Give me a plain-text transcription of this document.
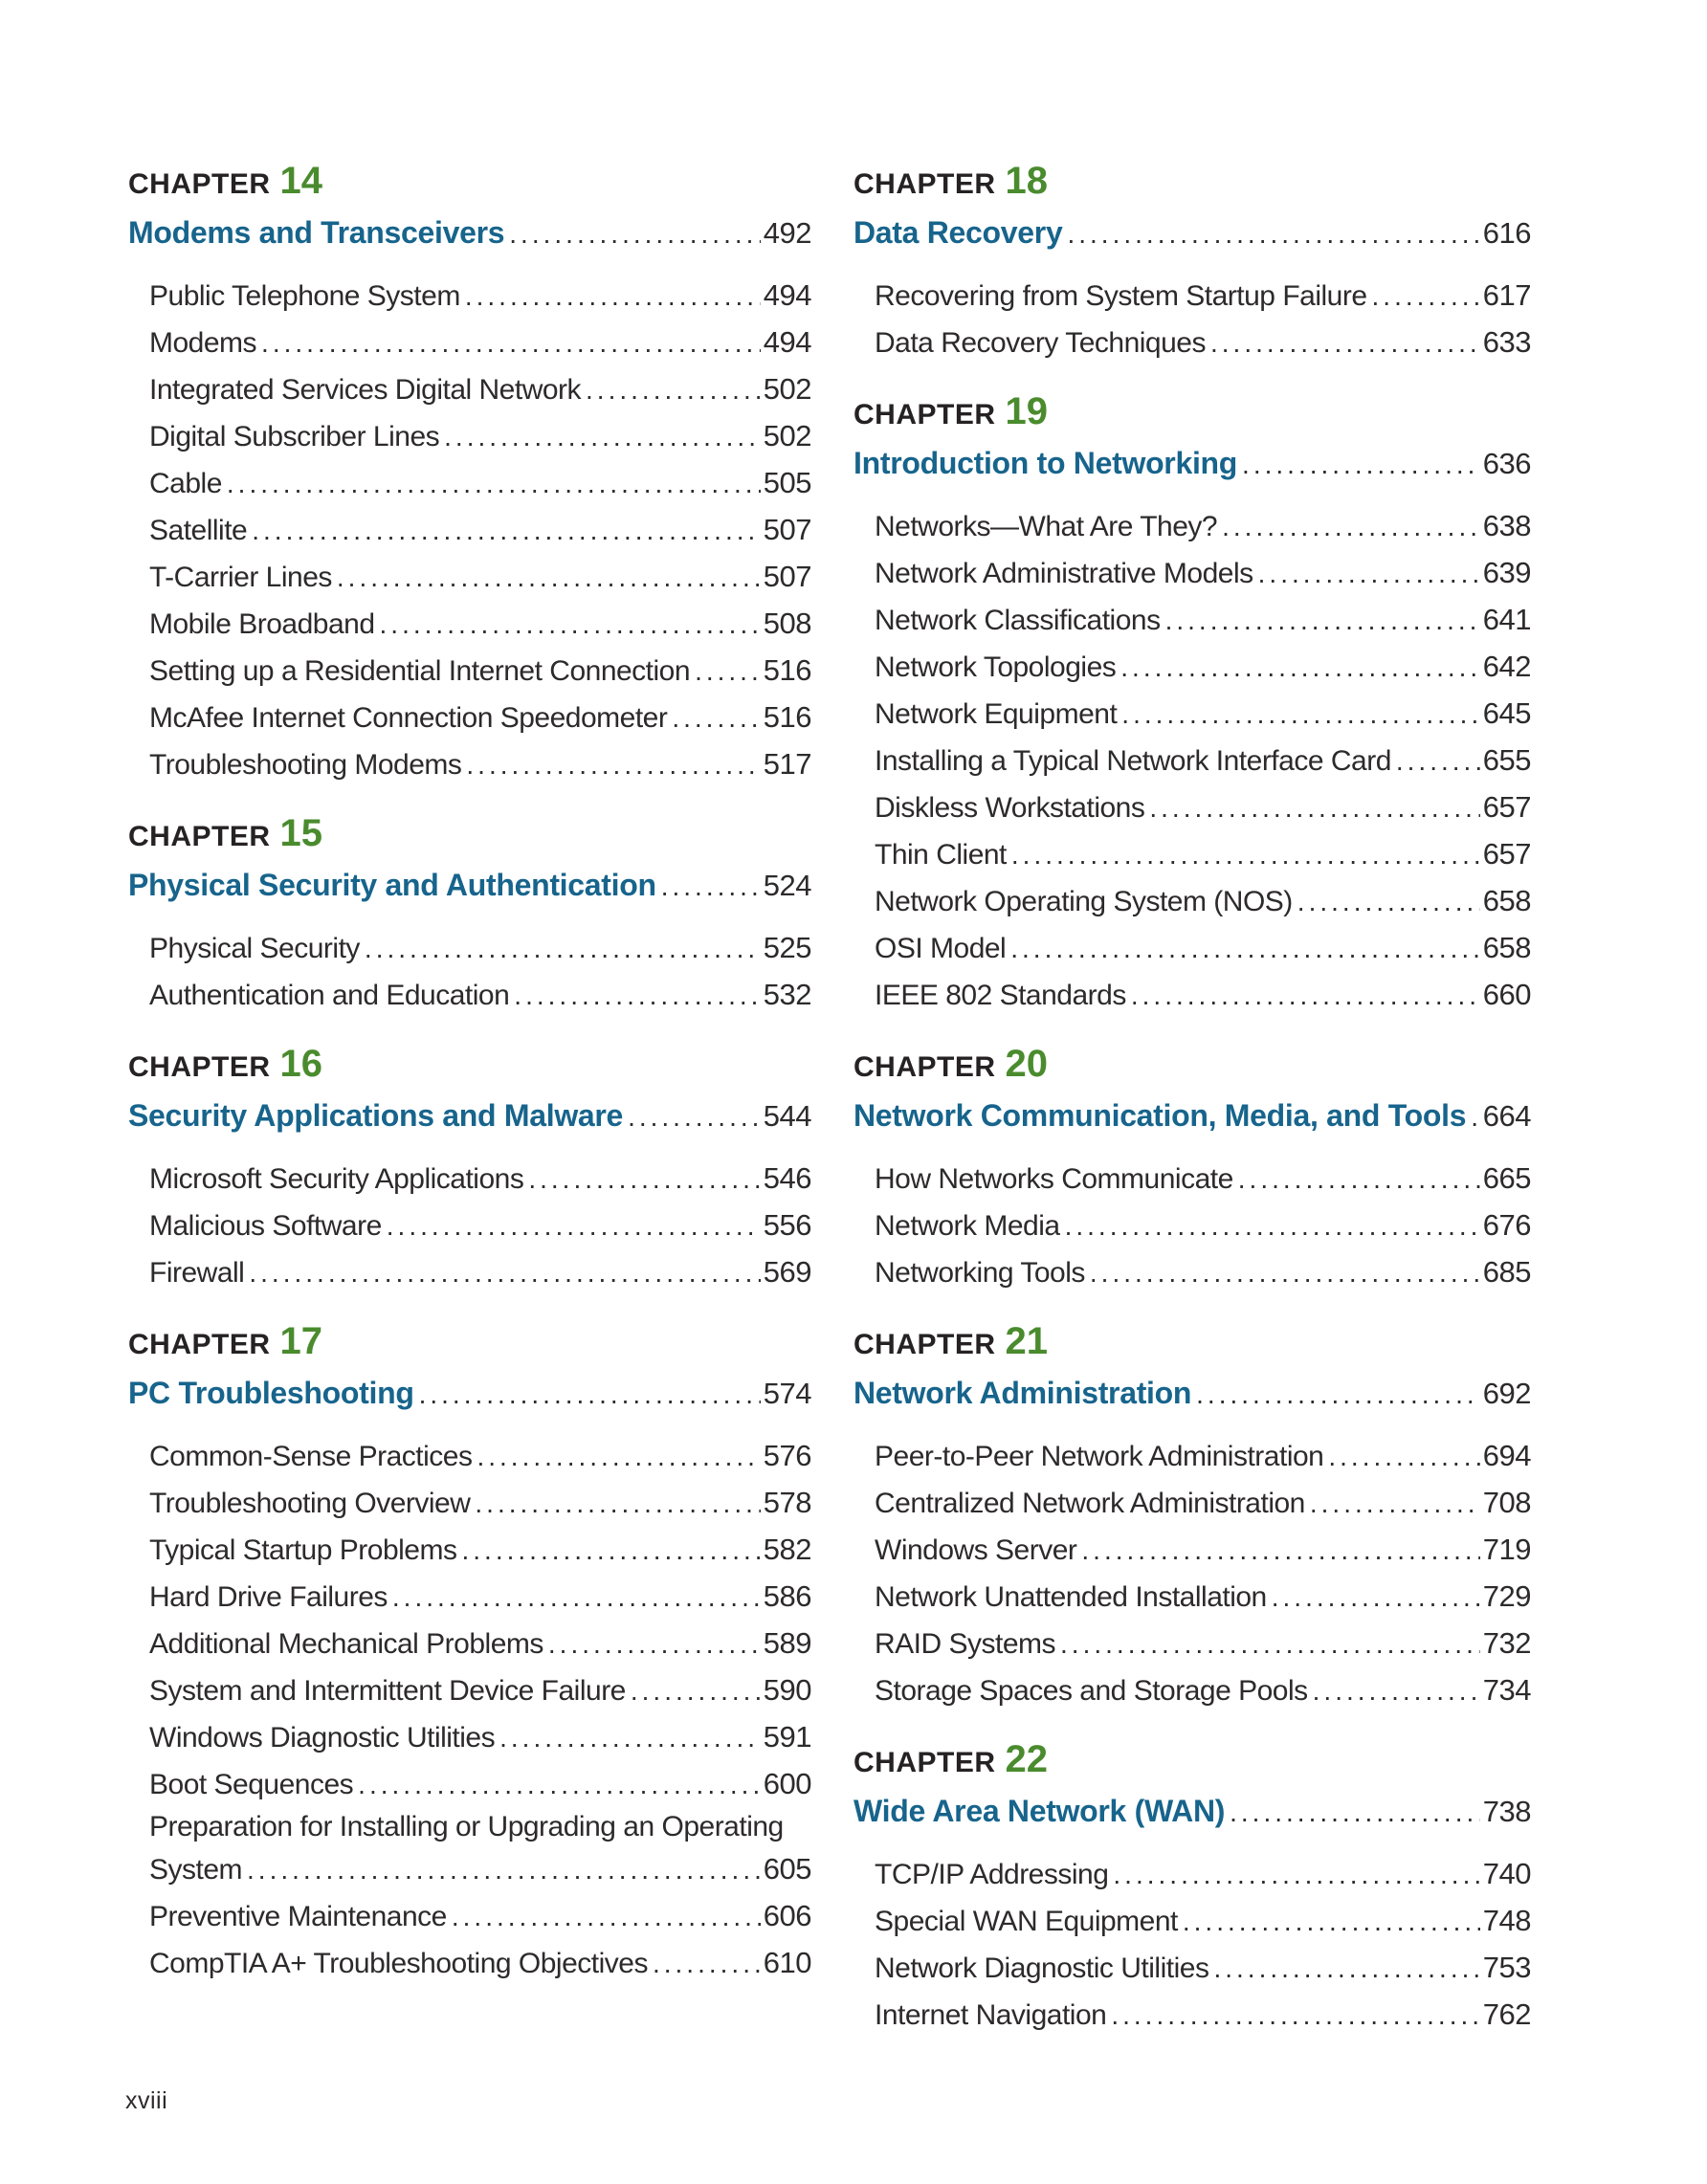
CHAPTER 14
Modems and Transceivers .....	492
Public Telephone System .....	494
Modems .....	494
Integrated Services Digital Network .....	502
Digital Subscriber Lines .....	502
Cable .....	505
Satellite .....	507
T-Carrier Lines .....	507
Mobile Broadband .....	508
Setting up a Residential Internet Connection ..... 516
McAfee Internet Connection Speedometer .....	516
Troubleshooting Modems .....	517
CHAPTER 15
Physical Security and Authentication .....	524
Physical Security .....	525
Authentication and Education .....	532
CHAPTER 16
Security Applications and Malware .....	544
Microsoft Security Applications .....	546
Malicious Software .....	556
Firewall .....	569
CHAPTER 17
PC Troubleshooting .....	574
Common-Sense Practices .....	576
Troubleshooting Overview .....	578
Typical Startup Problems .....	582
Hard Drive Failures .....	586
Additional Mechanical Problems .....	589
System and Intermittent Device Failure .....	590
Windows Diagnostic Utilities .....	591
Boot Sequences .....	600
Preparation for Installing or Upgrading an Operating
System .....	605
Preventive Maintenance .....	606
CompTIA A+ Troubleshooting Objectives .....	610
CHAPTER 18
Data Recovery .....	616
Recovering from System Startup Failure .....	617
Data Recovery Techniques .....	633
CHAPTER 19
Introduction to Networking .....	636
Networks—What Are They? .....	638
Network Administrative Models .....	639
Network Classifications .....	641
Network Topologies .....	642
Network Equipment .....	645
Installing a Typical Network Interface Card .....	655
Diskless Workstations .....	657
Thin Client .....	657
Network Operating System (NOS) .....	658
OSI Model .....	658
IEEE 802 Standards .....	660
CHAPTER 20
Network Communication, Media, and Tools ..... 664
How Networks Communicate .....	665
Network Media .....	676
Networking Tools .....	685
CHAPTER 21
Network Administration .....	692
Peer-to-Peer Network Administration .....	694
Centralized Network Administration .....	708
Windows Server .....	719
Network Unattended Installation .....	729
RAID Systems .....	732
Storage Spaces and Storage Pools .....	734
CHAPTER 22
Wide Area Network (WAN) .....	738
TCP/IP Addressing .....	740
Special WAN Equipment .....	748
Network Diagnostic Utilities .....	753
Internet Navigation .....	762
xviii
